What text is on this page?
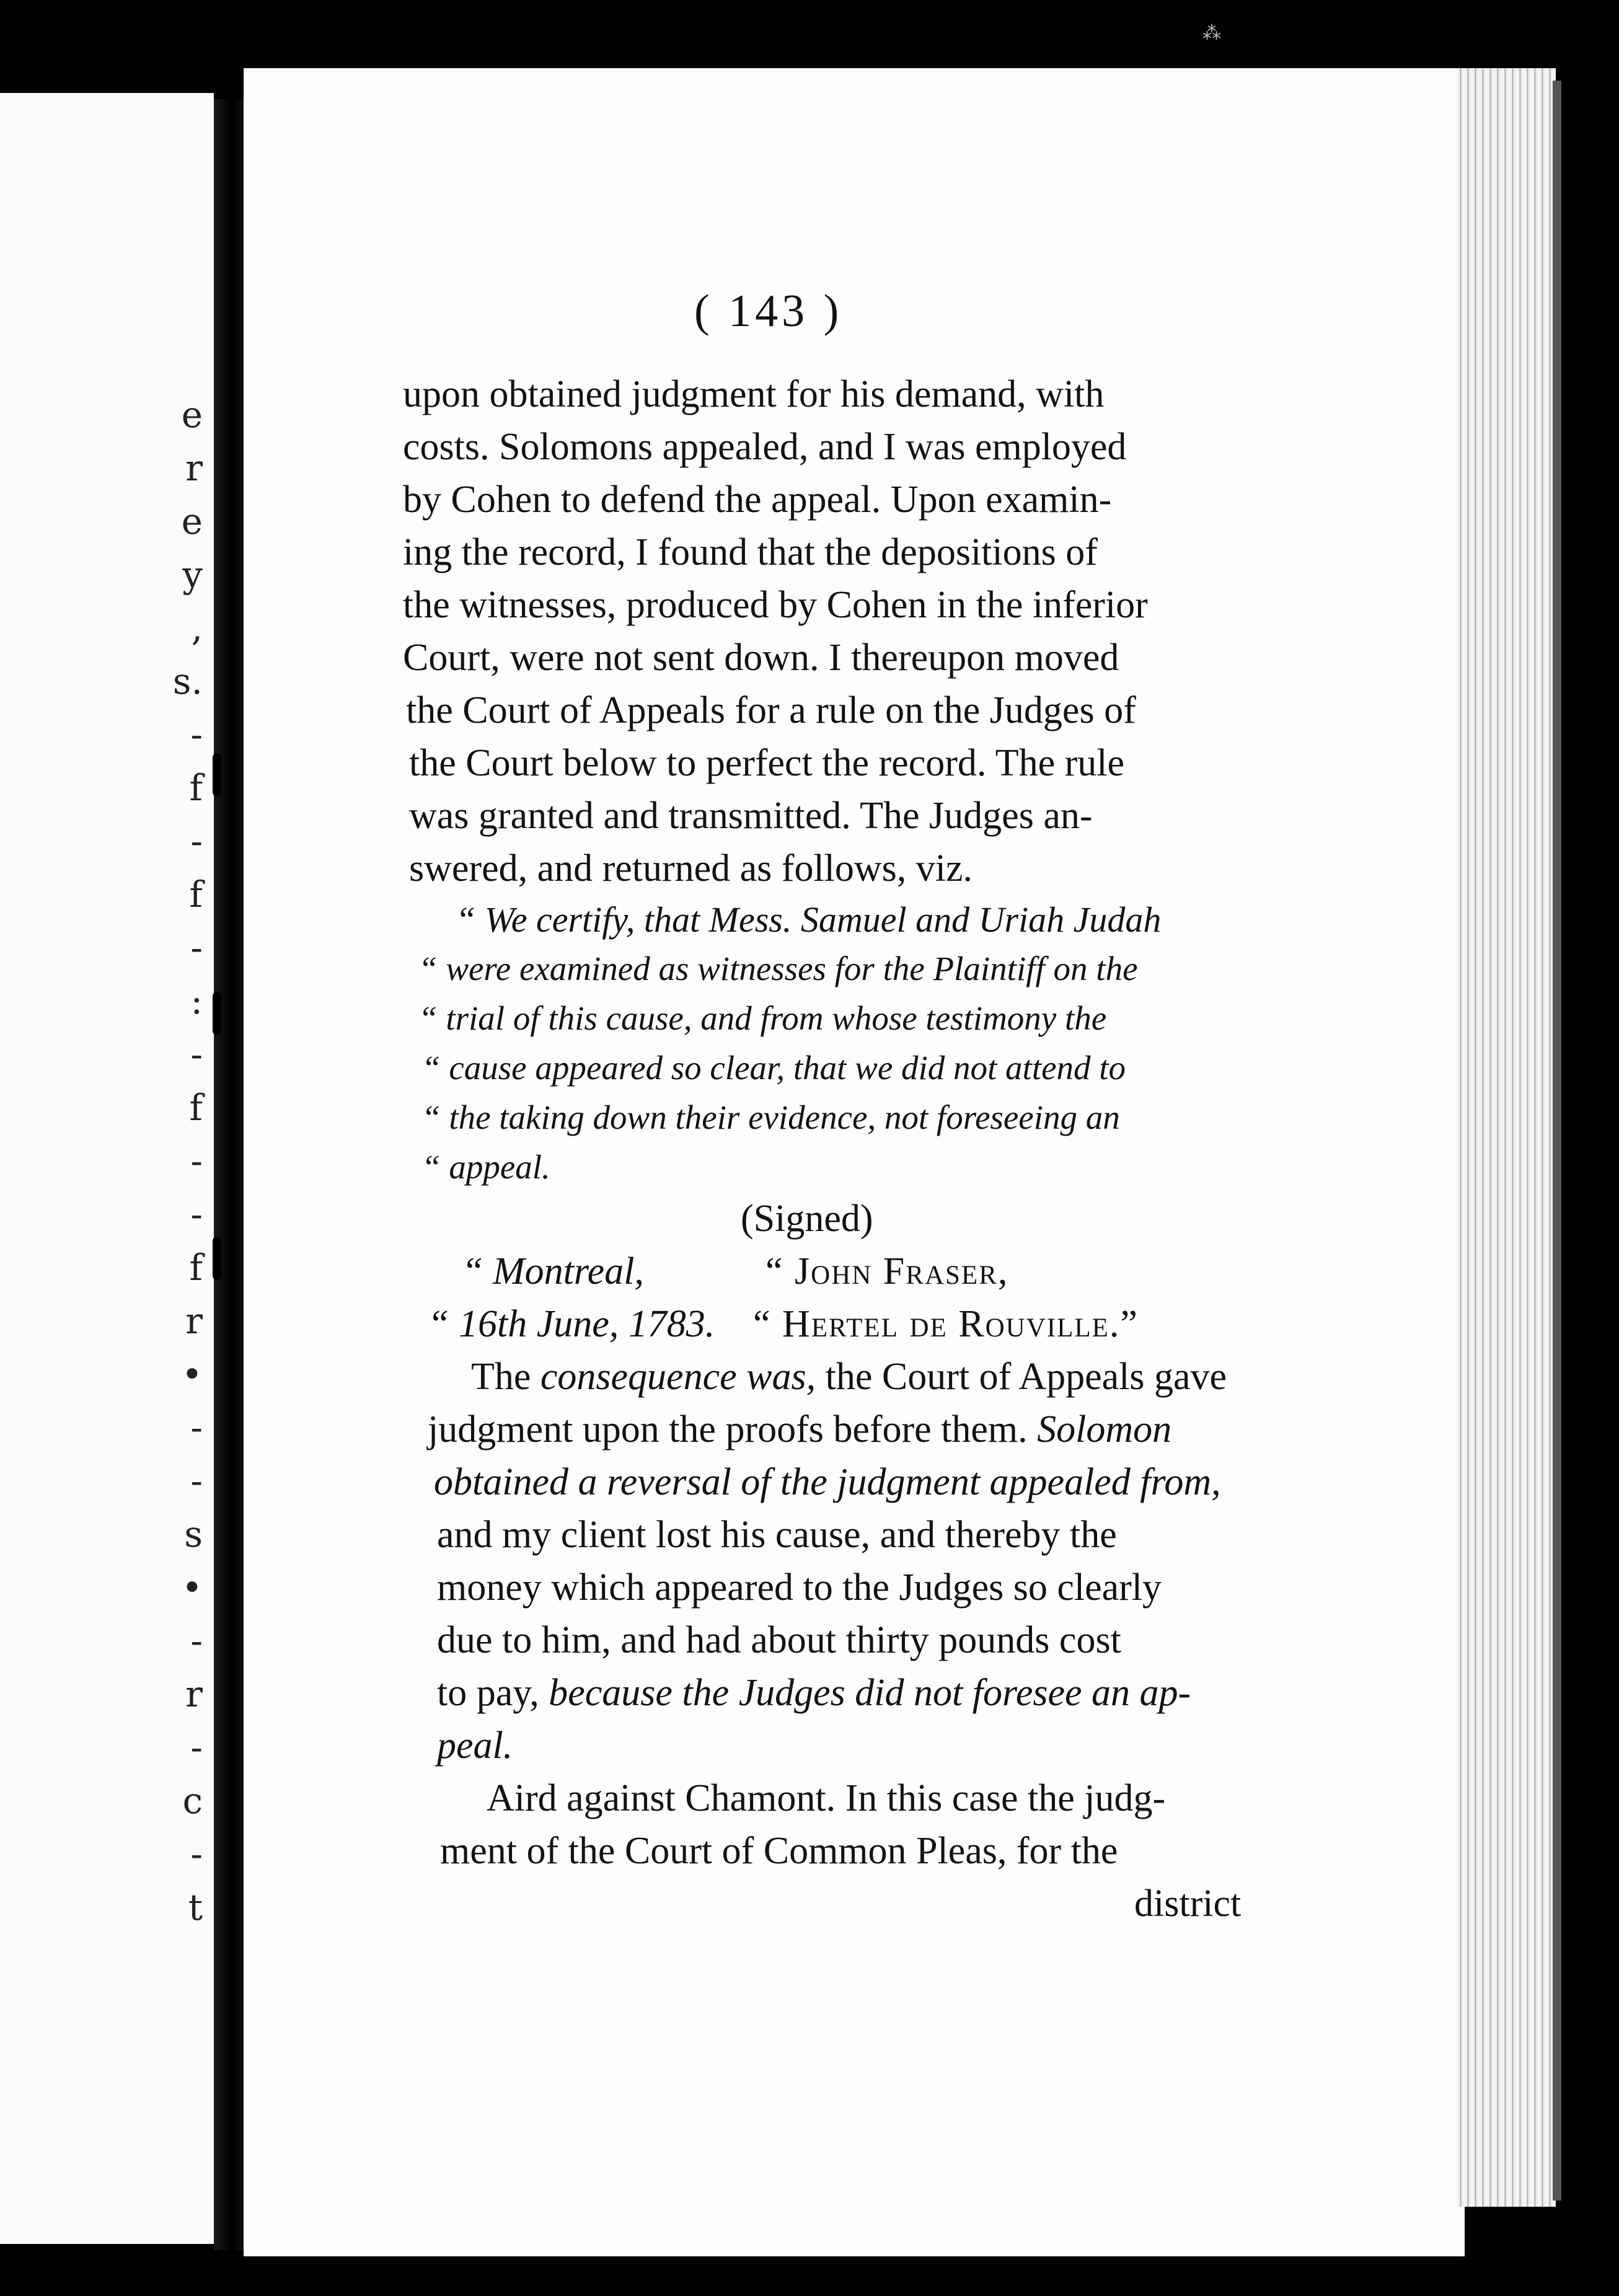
e
r
e
y
,
s.
-
f
-
f
-
:
-
f
-
-
f
r
•
-
-
s
•
-
r
-
c
-
t
⁂
( 143 )
upon obtained judgment for his demand, with
costs. Solomons appealed, and I was employed
by Cohen to defend the appeal. Upon examin-
ing the record, I found that the depositions of
the witnesses, produced by Cohen in the inferior
Court, were not sent down. I thereupon moved
the Court of Appeals for a rule on the Judges of
the Court below to perfect the record. The rule
was granted and transmitted. The Judges an-
swered, and returned as follows, viz.
“ We certify, that Mess. Samuel and Uriah Judah
“ were examined as witnesses for the Plaintiff on the
“ trial of this cause, and from whose testimony the
“ cause appeared so clear, that we did not attend to
“ the taking down their evidence, not foreseeing an
“ appeal.
(Signed)
“ Montreal,	“ John Fraser,
“ 16th June, 1783. “ Hertel de Rouville.”
The consequence was, the Court of Appeals gave
judgment upon the proofs before them. Solomon
obtained a reversal of the judgment appealed from,
and my client lost his cause, and thereby the
money which appeared to the Judges so clearly
due to him, and had about thirty pounds cost
to pay, because the Judges did not foresee an ap-
peal.
Aird against Chamont. In this case the judg-
ment of the Court of Common Pleas, for the
district
